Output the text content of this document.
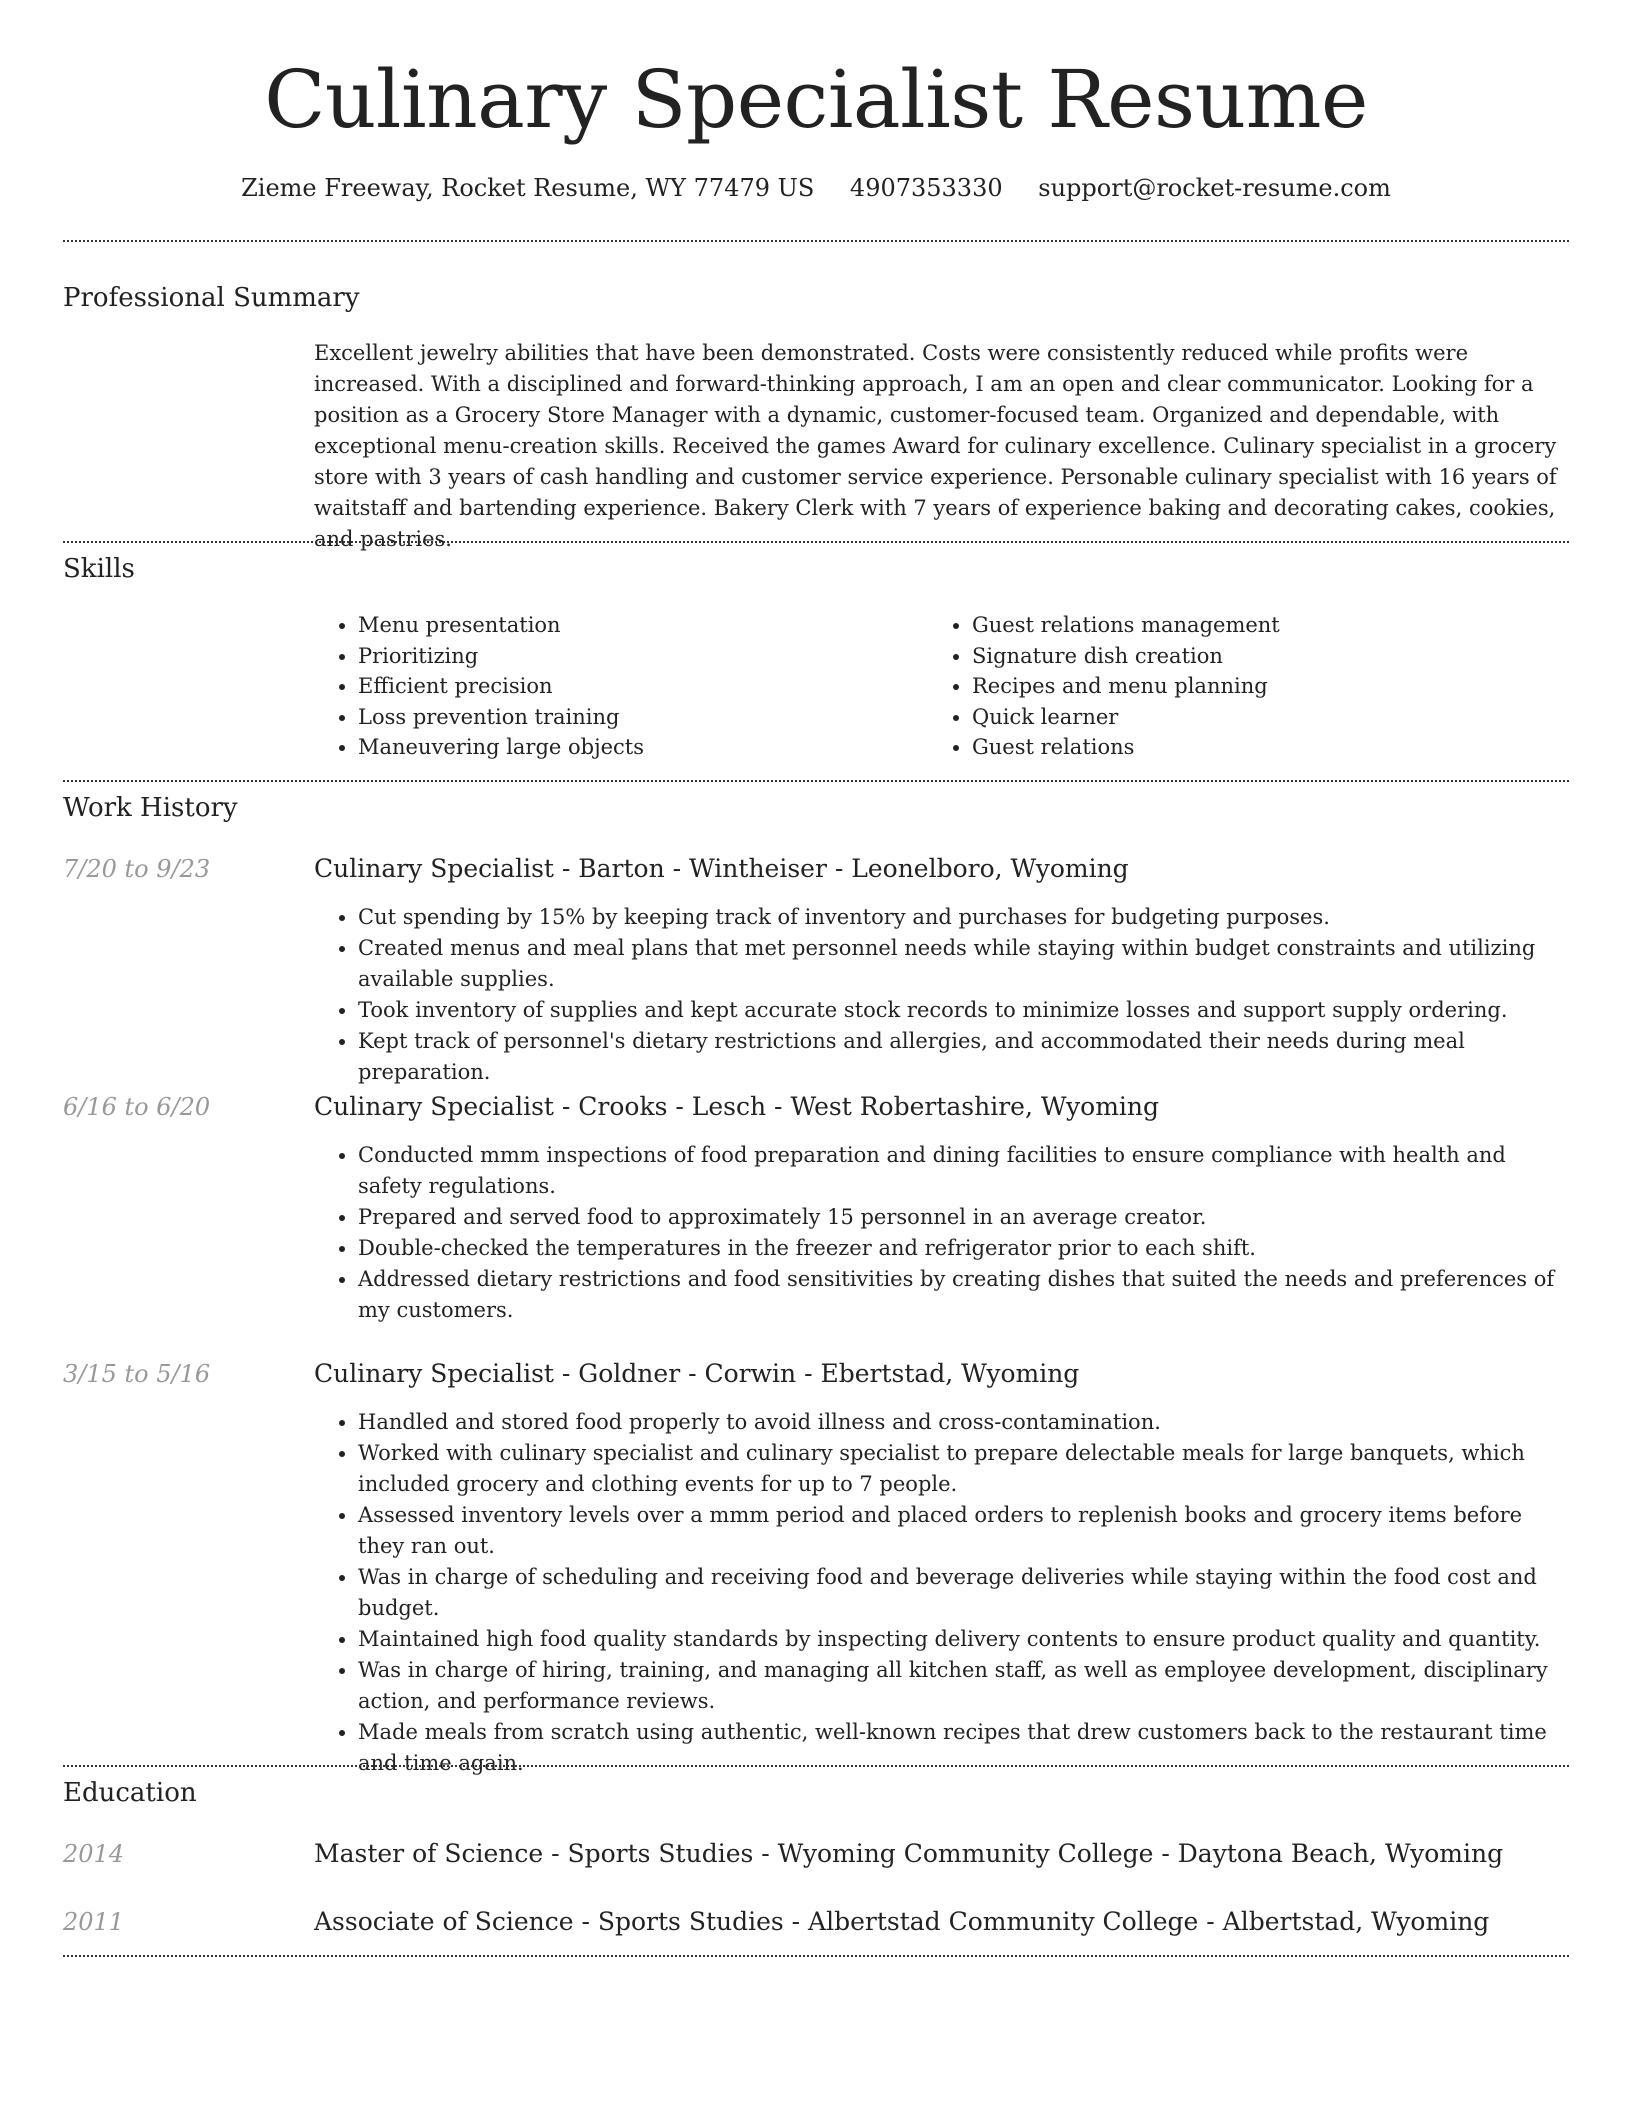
Culinary Specialist Resume
Zieme Freeway, Rocket Resume, WY 77479 US 4907353330 support@rocket-resume.com
Professional Summary
Excellent jewelry abilities that have been demonstrated. Costs were consistently reduced while profits were increased. With a disciplined and forward-thinking approach, I am an open and clear communicator. Looking for a position as a Grocery Store Manager with a dynamic, customer-focused team. Organized and dependable, with exceptional menu-creation skills. Received the games Award for culinary excellence. Culinary specialist in a grocery store with 3 years of cash handling and customer service experience. Personable culinary specialist with 16 years of waitstaff and bartending experience. Bakery Clerk with 7 years of experience baking and decorating cakes, cookies, and pastries.
Skills
• Menu presentation
• Prioritizing
• Efficient precision
• Loss prevention training
• Maneuvering large objects
• Guest relations management
• Signature dish creation
• Recipes and menu planning
• Quick learner
• Guest relations
Work History
7/20 to 9/23	Culinary Specialist - Barton - Wintheiser - Leonelboro, Wyoming
• Cut spending by 15% by keeping track of inventory and purchases for budgeting purposes.
• Created menus and meal plans that met personnel needs while staying within budget constraints and utilizing available supplies.
• Took inventory of supplies and kept accurate stock records to minimize losses and support supply ordering.
• Kept track of personnel's dietary restrictions and allergies, and accommodated their needs during meal preparation.
6/16 to 6/20	Culinary Specialist - Crooks - Lesch - West Robertashire, Wyoming
• Conducted mmm inspections of food preparation and dining facilities to ensure compliance with health and safety regulations.
• Prepared and served food to approximately 15 personnel in an average creator.
• Double-checked the temperatures in the freezer and refrigerator prior to each shift.
• Addressed dietary restrictions and food sensitivities by creating dishes that suited the needs and preferences of my customers.
3/15 to 5/16	Culinary Specialist - Goldner - Corwin - Ebertstad, Wyoming
• Handled and stored food properly to avoid illness and cross-contamination.
• Worked with culinary specialist and culinary specialist to prepare delectable meals for large banquets, which included grocery and clothing events for up to 7 people.
• Assessed inventory levels over a mmm period and placed orders to replenish books and grocery items before they ran out.
• Was in charge of scheduling and receiving food and beverage deliveries while staying within the food cost and budget.
• Maintained high food quality standards by inspecting delivery contents to ensure product quality and quantity.
• Was in charge of hiring, training, and managing all kitchen staff, as well as employee development, disciplinary action, and performance reviews.
• Made meals from scratch using authentic, well-known recipes that drew customers back to the restaurant time and time again.
Education
2014	Master of Science - Sports Studies - Wyoming Community College - Daytona Beach, Wyoming
2011	Associate of Science - Sports Studies - Albertstad Community College - Albertstad, Wyoming
